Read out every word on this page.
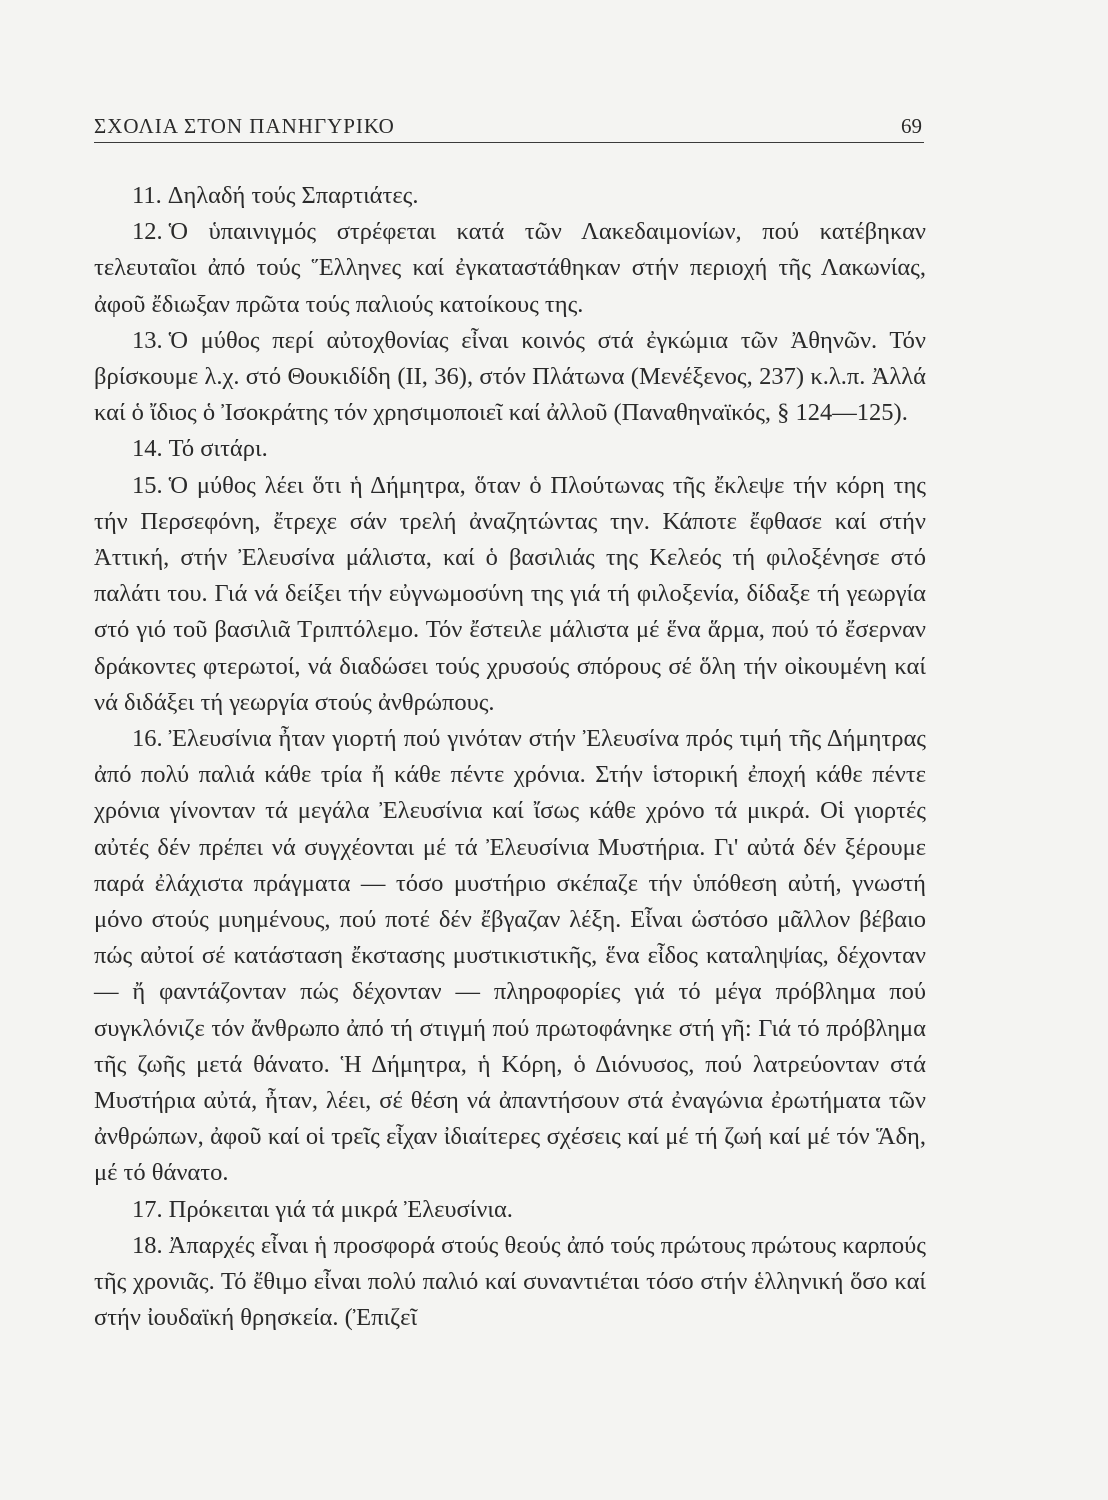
ΣΧΟΛΙΑ ΣΤΟΝ ΠΑΝΗΓΥΡΙΚΟ	69

11. Δηλαδή τούς Σπαρτιάτες.

12. Ὁ ὑπαινιγμός στρέφεται κατά τῶν Λακεδαιμονίων, πού κατέβηκαν τελευταῖοι ἀπό τούς Ἕλληνες καί ἐγκαταστάθηκαν στήν περιοχή τῆς Λακωνίας, ἀφοῦ ἔδιωξαν πρῶτα τούς παλιούς κατοίκους της.

13. Ὁ μύθος περί αὐτοχθονίας εἶναι κοινός στά ἐγκώμια τῶν Ἀθηνῶν. Τόν βρίσκουμε λ.χ. στό Θουκιδίδη (ΙΙ, 36), στόν Πλάτωνα (Μενέξενος, 237) κ.λ.π. Ἀλλά καί ὁ ἴδιος ὁ Ἰσοκράτης τόν χρησιμοποιεῖ καί ἀλλοῦ (Παναθηναϊκός, § 124—125).

14. Τό σιτάρι.

15. Ὁ μύθος λέει ὅτι ἡ Δήμητρα, ὅταν ὁ Πλούτωνας τῆς ἔκλεψε τήν κόρη της τήν Περσεφόνη, ἔτρεχε σάν τρελή ἀναζητώντας την. Κάποτε ἔφθασε καί στήν Ἀττική, στήν Ἐλευσίνα μάλιστα, καί ὁ βασιλιάς της Κελεός τή φιλοξένησε στό παλάτι του. Γιά νά δείξει τήν εὐγνωμοσύνη της γιά τή φιλοξενία, δίδαξε τή γεωργία στό γιό τοῦ βασιλιᾶ Τριπτόλεμο. Τόν ἔστειλε μάλιστα μέ ἕνα ἅρμα, πού τό ἔσερναν δράκοντες φτερωτοί, νά διαδώσει τούς χρυσούς σπόρους σέ ὅλη τήν οἰκουμένη καί νά διδάξει τή γεωργία στούς ἀνθρώπους.

16. Ἐλευσίνια ἦταν γιορτή πού γινόταν στήν Ἐλευσίνα πρός τιμή τῆς Δήμητρας ἀπό πολύ παλιά κάθε τρία ἤ κάθε πέντε χρόνια. Στήν ἱστορική ἐποχή κάθε πέντε χρόνια γίνονταν τά μεγάλα Ἐλευσίνια καί ἴσως κάθε χρόνο τά μικρά. Οἱ γιορτές αὐτές δέν πρέπει νά συγχέονται μέ τά Ἐλευσίνια Μυστήρια. Γι' αὐτά δέν ξέρουμε παρά ἐλάχιστα πράγματα — τόσο μυστήριο σκέπαζε τήν ὑπόθεση αὐτή, γνωστή μόνο στούς μυημένους, πού ποτέ δέν ἔβγαζαν λέξη. Εἶναι ὡστόσο μᾶλλον βέβαιο πώς αὐτοί σέ κατάσταση ἔκστασης μυστικιστικῆς, ἕνα εἶδος καταληψίας, δέχονταν — ἤ φαντάζονταν πώς δέχονταν — πληροφορίες γιά τό μέγα πρόβλημα πού συγκλόνιζε τόν ἄνθρωπο ἀπό τή στιγμή πού πρωτοφάνηκε στή γῆ: Γιά τό πρόβλημα τῆς ζωῆς μετά θάνατο. Ἡ Δήμητρα, ἡ Κόρη, ὁ Διόνυσος, πού λατρεύονταν στά Μυστήρια αὐτά, ἦταν, λέει, σέ θέση νά ἀπαντήσουν στά ἐναγώνια ἐρωτήματα τῶν ἀνθρώπων, ἀφοῦ καί οἱ τρεῖς εἶχαν ἰδιαίτερες σχέσεις καί μέ τή ζωή καί μέ τόν Ἅδη, μέ τό θάνατο.

17. Πρόκειται γιά τά μικρά Ἐλευσίνια.

18. Ἀπαρχές εἶναι ἡ προσφορά στούς θεούς ἀπό τούς πρώτους πρώτους καρπούς τῆς χρονιᾶς. Τό ἔθιμο εἶναι πολύ παλιό καί συναντιέται τόσο στήν ἑλληνική ὅσο καί στήν ἰουδαϊκή θρησκεία. (Ἐπιζεῖ
